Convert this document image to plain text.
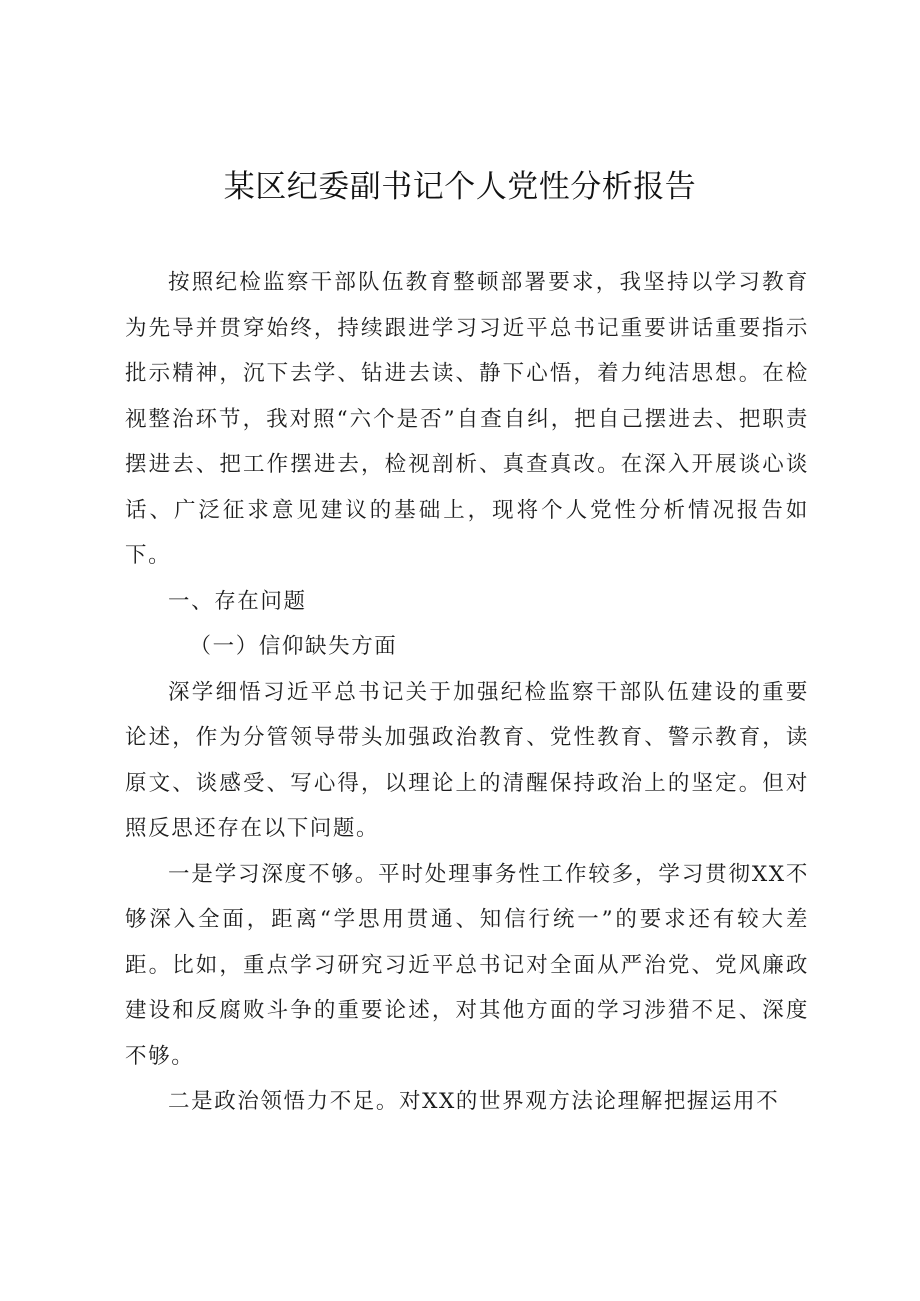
某区纪委副书记个人党性分析报告

按照纪检监察干部队伍教育整顿部署要求，我坚持以学习教育为先导并贯穿始终，持续跟进学习习近平总书记重要讲话重要指示批示精神，沉下去学、钻进去读、静下心悟，着力纯洁思想。在检视整治环节，我对照“六个是否”自查自纠，把自己摆进去、把职责摆进去、把工作摆进去，检视剖析、真查真改。在深入开展谈心谈话、广泛征求意见建议的基础上，现将个人党性分析情况报告如下。

一、存在问题

（一）信仰缺失方面

深学细悟习近平总书记关于加强纪检监察干部队伍建设的重要论述，作为分管领导带头加强政治教育、党性教育、警示教育，读原文、谈感受、写心得，以理论上的清醒保持政治上的坚定。但对照反思还存在以下问题。

一是学习深度不够。平时处理事务性工作较多，学习贯彻XX不够深入全面，距离“学思用贯通、知信行统一”的要求还有较大差距。比如，重点学习研究习近平总书记对全面从严治党、党风廉政建设和反腐败斗争的重要论述，对其他方面的学习涉猎不足、深度不够。

二是政治领悟力不足。对XX的世界观方法论理解把握运用不
